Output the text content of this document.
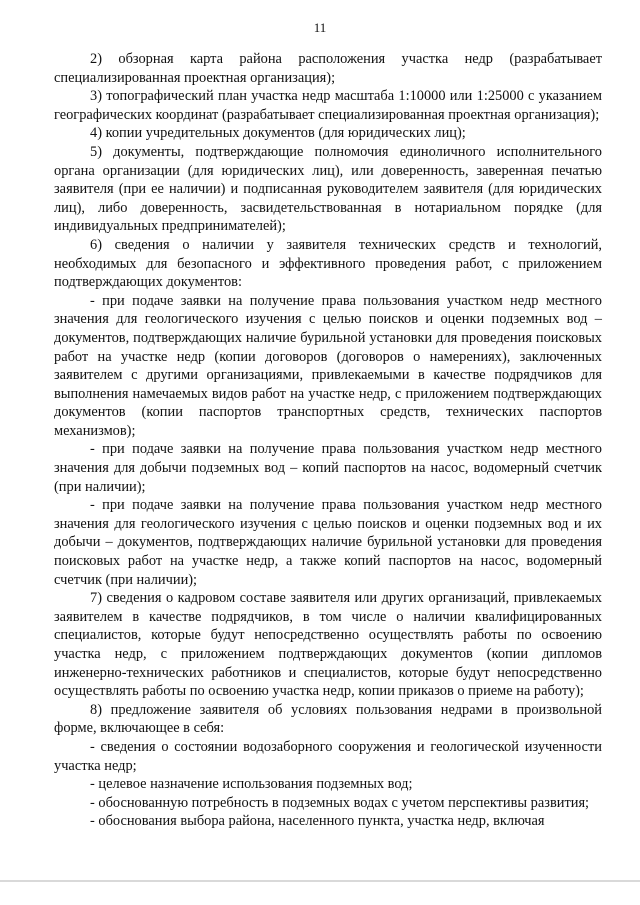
11

2) обзорная карта района расположения участка недр (разрабатывает специализированная проектная организация);

3) топографический план участка недр масштаба 1:10000 или 1:25000 с указанием географических координат (разрабатывает специализированная проектная организация);

4) копии учредительных документов (для юридических лиц);

5) документы, подтверждающие полномочия единоличного исполнительного органа организации (для юридических лиц), или доверенность, заверенная печатью заявителя (при ее наличии) и подписанная руководителем заявителя (для юридических лиц), либо доверенность, засвидетельствованная в нотариальном порядке (для индивидуальных предпринимателей);

6) сведения о наличии у заявителя технических средств и технологий, необходимых для безопасного и эффективного проведения работ, с приложением подтверждающих документов:

- при подаче заявки на получение права пользования участком недр местного значения для геологического изучения с целью поисков и оценки подземных вод – документов, подтверждающих наличие бурильной установки для проведения поисковых работ на участке недр (копии договоров (договоров о намерениях), заключенных заявителем с другими организациями, привлекаемыми в качестве подрядчиков для выполнения намечаемых видов работ на участке недр, с приложением подтверждающих документов (копии паспортов транспортных средств, технических паспортов механизмов);

- при подаче заявки на получение права пользования участком недр местного значения для добычи подземных вод – копий паспортов на насос, водомерный счетчик (при наличии);

- при подаче заявки на получение права пользования участком недр местного значения для геологического изучения с целью поисков и оценки подземных вод и их добычи – документов, подтверждающих наличие бурильной установки для проведения поисковых работ на участке недр, а также копий паспортов на насос, водомерный счетчик (при наличии);

7) сведения о кадровом составе заявителя или других организаций, привлекаемых заявителем в качестве подрядчиков, в том числе о наличии квалифицированных специалистов, которые будут непосредственно осуществлять работы по освоению участка недр, с приложением подтверждающих документов (копии дипломов инженерно-технических работников и специалистов, которые будут непосредственно осуществлять работы по освоению участка недр, копии приказов о приеме на работу);

8) предложение заявителя об условиях пользования недрами в произвольной форме, включающее в себя:

- сведения о состоянии водозаборного сооружения и геологической изученности участка недр;

- целевое назначение использования подземных вод;

- обоснованную потребность в подземных водах с учетом перспективы развития;

- обоснования выбора района, населенного пункта, участка недр, включая
